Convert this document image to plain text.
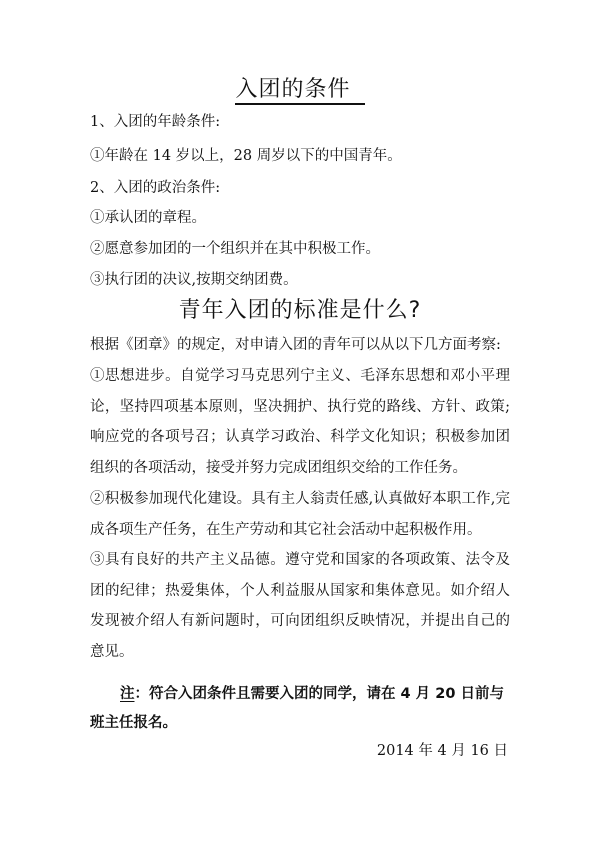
入团的条件
1、入团的年龄条件:
①年龄在 14 岁以上，28 周岁以下的中国青年。
2、入团的政治条件:
①承认团的章程。
②愿意参加团的一个组织并在其中积极工作。
③执行团的决议,按期交纳团费。
青年入团的标准是什么?
根据《团章》的规定，对申请入团的青年可以从以下几方面考察:
①思想进步。自觉学习马克思列宁主义、毛泽东思想和邓小平理论，坚持四项基本原则，坚决拥护、执行党的路线、方针、政策;响应党的各项号召；认真学习政治、科学文化知识；积极参加团组织的各项活动，接受并努力完成团组织交给的工作任务。
②积极参加现代化建设。具有主人翁责任感,认真做好本职工作,完成各项生产任务，在生产劳动和其它社会活动中起积极作用。
③具有良好的共产主义品德。遵守党和国家的各项政策、法令及团的纪律；热爱集体，个人利益服从国家和集体意见。如介绍人发现被介绍人有新问题时，可向团组织反映情况，并提出自己的意见。
注：符合入团条件且需要入团的同学，请在 4 月 20 日前与
班主任报名。
2014 年 4 月 16 日
